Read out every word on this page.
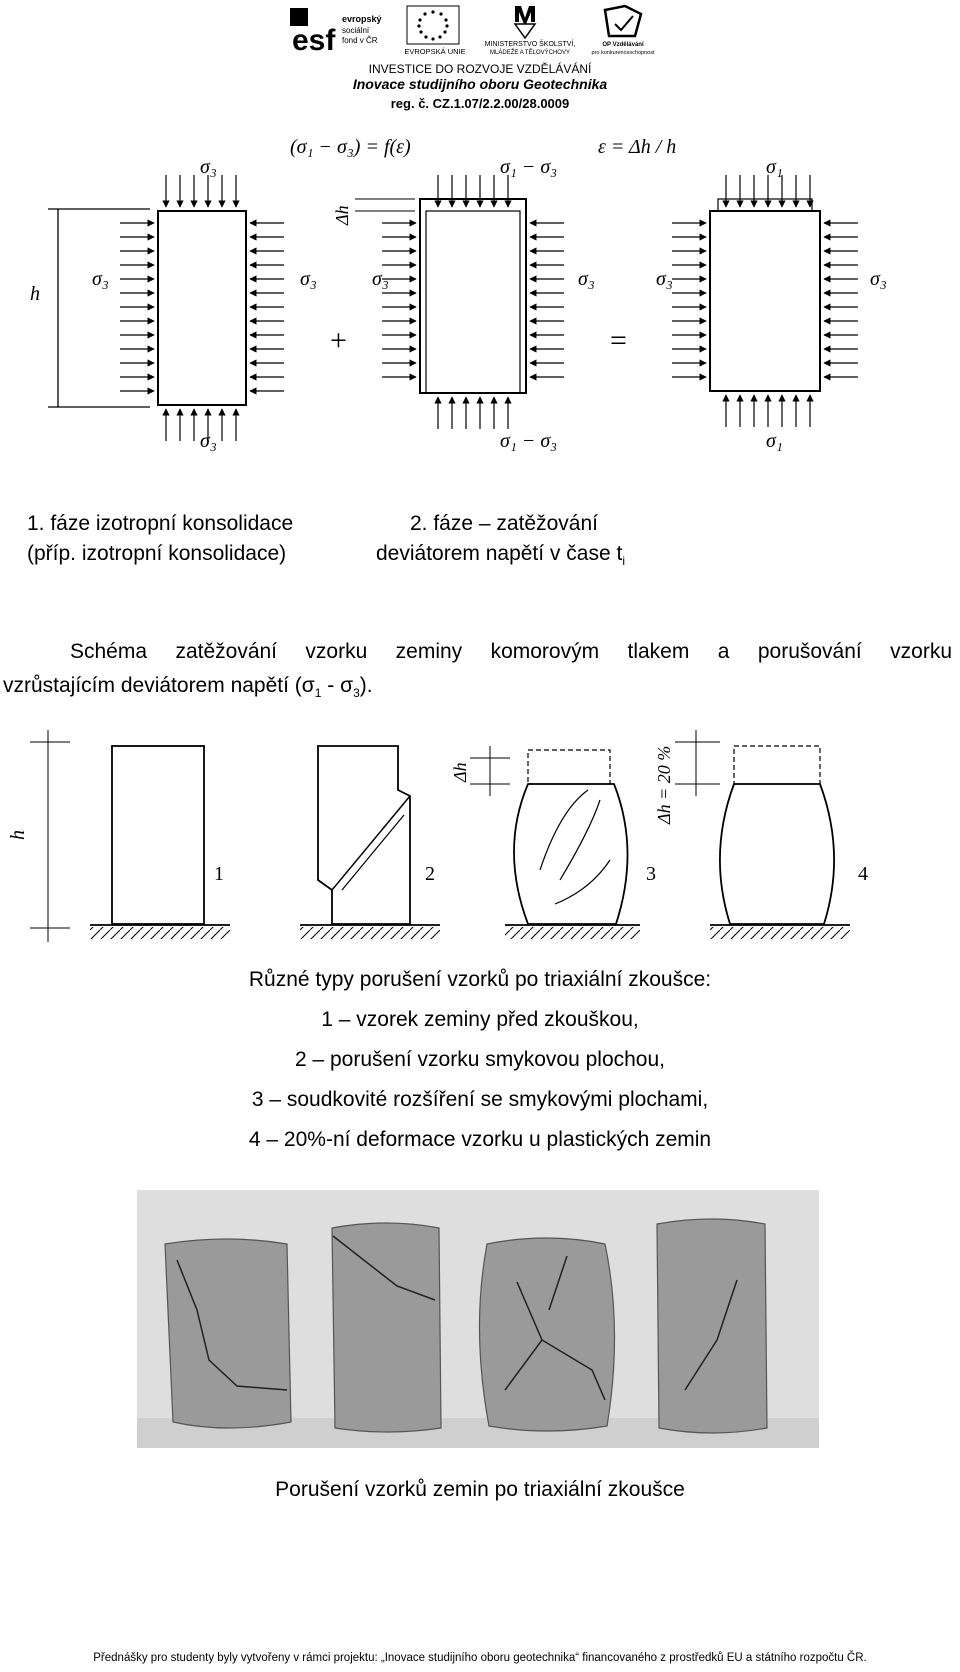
esf
evropský
sociální
fond v ČR
EVROPSKÁ UNIE
MINISTERSTVO ŠKOLSTVÍ,
MLÁDEŽE A TĚLOVÝCHOVY
OP Vzdělávání
pro konkurenceschopnost
INVESTICE DO ROZVOJE VZDĚLÁVÁNÍ
Inovace studijního oboru Geotechnika
reg. č. CZ.1.07/2.2.00/28.0009
(σ₁ − σ₃) = f(ε)	ε = Δh / h
h
σ₃
σ₃	σ₃
σ₃
+
Δh
σ₁ − σ₃
σ₃	σ₃
σ₁ − σ₃
=
σ₁
σ₃	σ₃
σ₁
1. fáze izotropní konsolidace
(příp. izotropní konsolidace)
2. fáze – zatěžování
deviátorem napětí v čase $t_i$
Schéma zatěžování vzorku zeminy komorovým tlakem a porušování vzorku
vzrůstajícím deviátorem napětí $(\sigma_1 - \sigma_3)$.
h
1	2
Δh
3
Δh = 20 %
4
Různé typy porušení vzorků po triaxiální zkoušce:
1 – vzorek zeminy před zkouškou,
2 – porušení vzorku smykovou plochou,
3 – soudkovité rozšíření se smykovými plochami,
4 – 20%-ní deformace vzorku u plastických zemin
Porušení vzorků zemin po triaxiální zkoušce
Přednášky pro studenty byly vytvořeny v rámci projektu: „Inovace studijního oboru geotechnika“ financovaného z prostředků EU a státního rozpočtu ČR.
